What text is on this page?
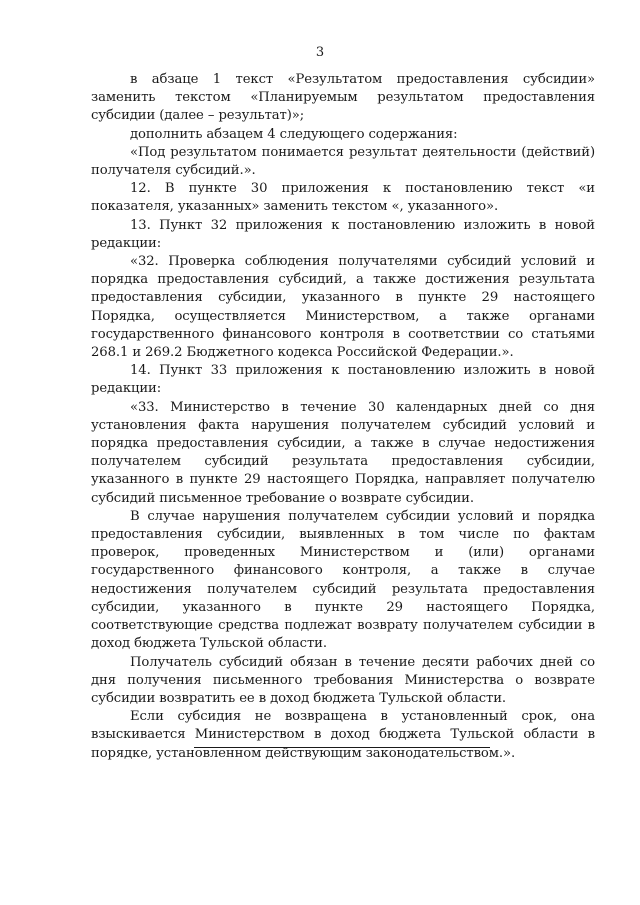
3

в абзаце 1 текст «Результатом предоставления субсидии» заменить текстом «Планируемым результатом предоставления субсидии (далее – результат)»;

дополнить абзацем 4 следующего содержания:

«Под результатом понимается результат деятельности (действий) получателя субсидий.».

12. В пункте 30 приложения к постановлению текст «и показателя, указанных» заменить текстом «, указанного».

13. Пункт 32 приложения к постановлению изложить в новой редакции:

«32. Проверка соблюдения получателями субсидий условий и порядка предоставления субсидий, а также достижения результата предоставления субсидии, указанного в пункте 29 настоящего Порядка, осуществляется Министерством, а также органами государственного финансового контроля в соответствии со статьями 268.1 и 269.2 Бюджетного кодекса Российской Федерации.».

14. Пункт 33 приложения к постановлению изложить в новой редакции:

«33. Министерство в течение 30 календарных дней со дня установления факта нарушения получателем субсидий условий и порядка предоставления субсидии, а также в случае недостижения получателем субсидий результата предоставления субсидии, указанного в пункте 29 настоящего Порядка, направляет получателю субсидий письменное требование о возврате субсидии.

В случае нарушения получателем субсидии условий и порядка предоставления субсидии, выявленных в том числе по фактам проверок, проведенных Министерством и (или) органами государственного финансового контроля, а также в случае недостижения получателем субсидий результата предоставления субсидии, указанного в пункте 29 настоящего Порядка, соответствующие средства подлежат возврату получателем субсидии в доход бюджета Тульской области.

Получатель субсидий обязан в течение десяти рабочих дней со дня получения письменного требования Министерства о возврате субсидии возвратить ее в доход бюджета Тульской области.

Если субсидия не возвращена в установленный срок, она взыскивается Министерством в доход бюджета Тульской области в порядке, установленном действующим законодательством.».
